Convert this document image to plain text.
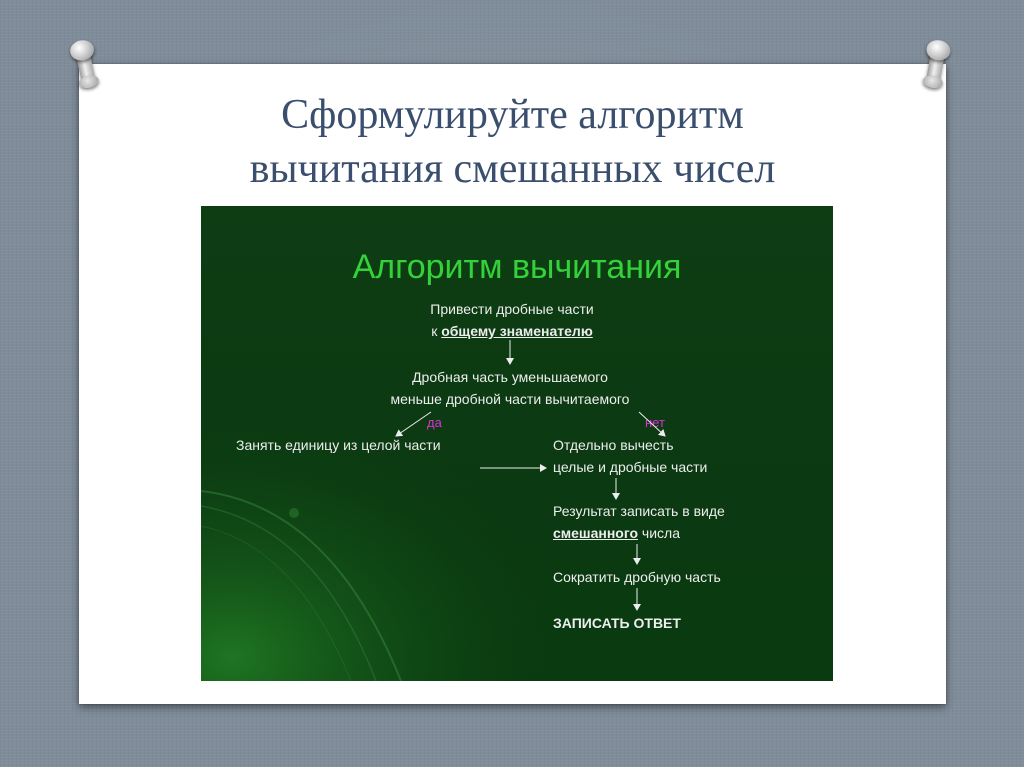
Сформулируйте алгоритм
вычитания смешанных чисел
Алгоритм вычитания
Привести дробные части
к общему знаменателю
Дробная часть уменьшаемого
меньше дробной части вычитаемого
да	нет
Занять единицу из целой части	Отдельно вычесть
целые и дробные части
Результат записать в виде
смешанного числа
Сократить дробную часть
ЗАПИСАТЬ ОТВЕТ
